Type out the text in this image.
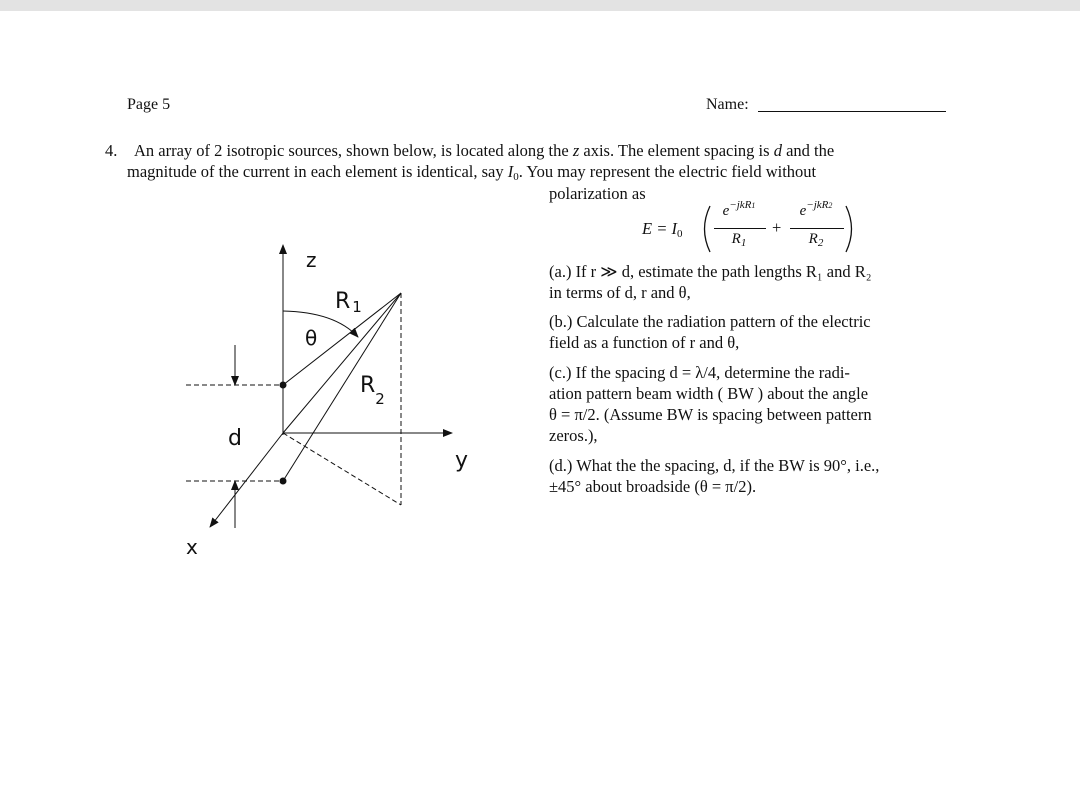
Page 5	Name:
4. An array of 2 isotropic sources, shown below, is located along the z axis. The element spacing is d and the
magnitude of the current in each element is identical, say $I_0$. You may represent the electric field without
polarization as
$E = I_0$
$e^{-jkR1}$
$R_1$
+
$e^{-jkR2}$
$R_2$
(a.) If r ≫ d, estimate the path lengths R₁ and R₂
in terms of d, r and θ,
(b.) Calculate the radiation pattern of the electric
field as a function of r and θ,
(c.) If the spacing d = λ/4, determine the radi-
ation pattern beam width ( BW ) about the angle
θ = π/2. (Assume BW is spacing between pattern
zeros.),
(d.) What the the spacing, d, if the BW is 90°, i.e.,
±45° about broadside (θ = π/2).
z
y
x
d
θ
R 1
$R_2$
